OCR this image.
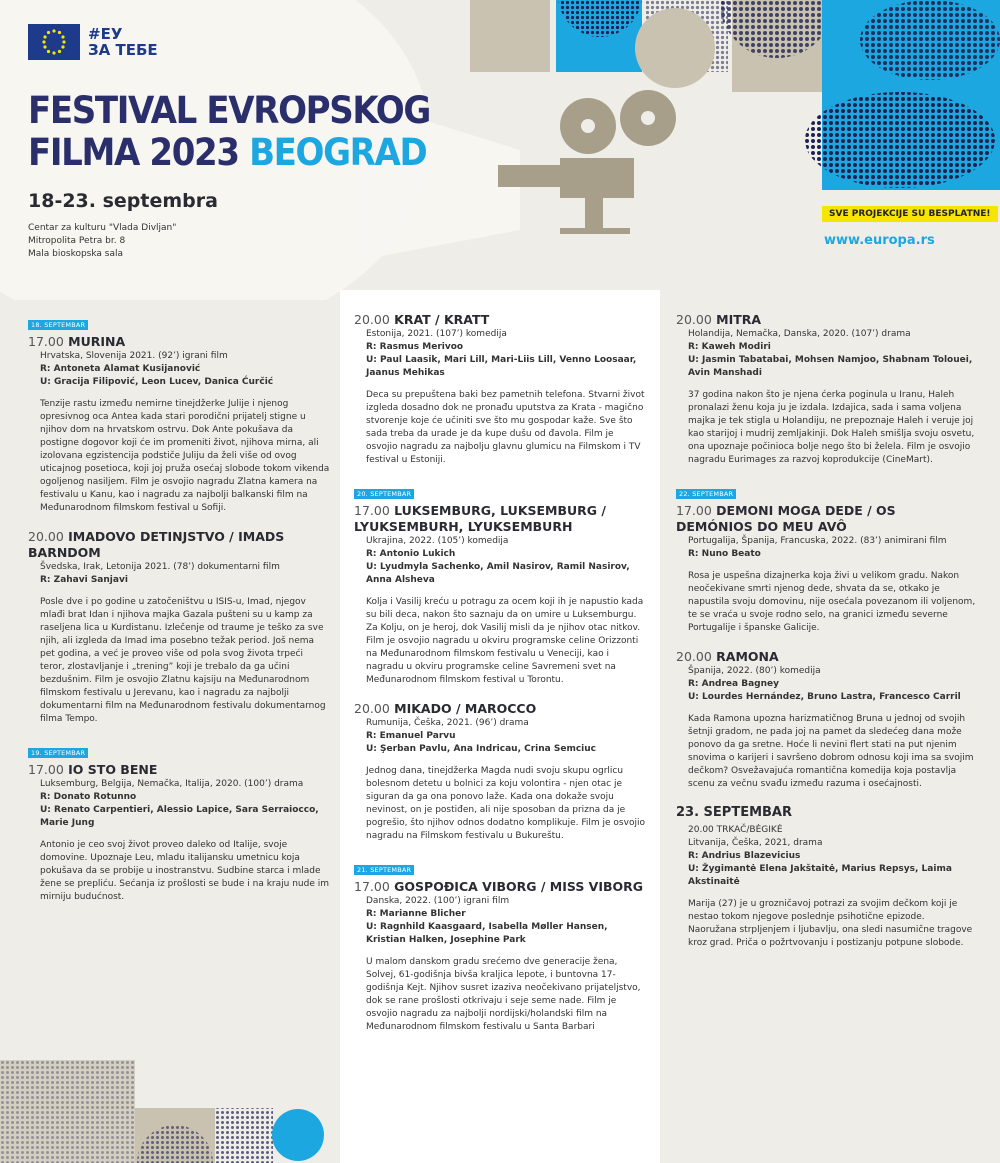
#ЕУ
ЗА ТЕБЕ
FESTIVAL EVROPSKOG
FILMA 2023 BEOGRAD
18-23. septembra
Centar za kulturu "Vlada Divljan"
Mitropolita Petra br. 8
Mala bioskopska sala
SVE PROJEKCIJE SU BESPLATNE!
www.europa.rs
18. SEPTEMBAR
17.00 MURINA
Hrvatska, Slovenija 2021. (92’) igrani film
R: Antoneta Alamat Kusijanović
U: Gracija Filipović, Leon Lucev, Danica Ćurčić
Tenzije rastu između nemirne tinejdžerke Julije i njenog opresivnog oca Antea kada stari porodični prijatelj stigne u njihov dom na hrvatskom ostrvu. Dok Ante pokušava da postigne dogovor koji će im promeniti život, njihova mirna, ali izolovana egzistencija podstiče Juliju da želi više od ovog uticajnog posetioca, koji joj pruža osećaj slobode tokom vikenda ogoljenog nasiljem. Film je osvojio nagradu Zlatna kamera na festivalu u Kanu, kao i nagradu za najbolji balkanski film na Međunarodnom filmskom festival u Sofiji.
20.00 IMADOVO DETINJSTVO / IMADS BARNDOM
Švedska, Irak, Letonija 2021. (78’) dokumentarni film
R: Zahavi Sanjavi
Posle dve i po godine u zatočeništvu u ISIS-u, Imad, njegov mlađi brat Idan i njihova majka Gazala pušteni su u kamp za raseljena lica u Kurdistanu. Izlečenje od traume je teško za sve njih, ali izgleda da Imad ima posebno težak period. Još nema pet godina, a već je proveo više od pola svog života trpeći teror, zlostavljanje i „trening” koji je trebalo da ga učini bezdušnim. Film je osvojio Zlatnu kajsiju na Međunarodnom filmskom festivalu u Jerevanu, kao i nagradu za najbolji dokumentarni film na Međunarodnom festivalu dokumentarnog filma Tempo.
19. SEPTEMBAR
17.00 IO STO BENE
Luksemburg, Belgija, Nemačka, Italija, 2020. (100’) drama
R: Donato Rotunno
U: Renato Carpentieri, Alessio Lapice, Sara Serraiocco, Marie Jung
Antonio je ceo svoj život proveo daleko od Italije, svoje domovine. Upoznaje Leu, mladu italijansku umetnicu koja pokušava da se probije u inostranstvu. Sudbine starca i mlade žene se prepliću. Sećanja iz prošlosti se bude i na kraju nude im mirniju budućnost.
20.00 KRAT / KRATT
Estonija, 2021. (107’) komedija
R: Rasmus Merivoo
U: Paul Laasik, Mari Lill, Mari-Liis Lill, Venno Loosaar, Jaanus Mehikas
Deca su prepuštena baki bez pametnih telefona. Stvarni život izgleda dosadno dok ne pronađu uputstva za Krata - magično stvorenje koje će učiniti sve što mu gospodar kaže. Sve što sada treba da urade je da kupe dušu od đavola. Film je osvojio nagradu za najbolju glavnu glumicu na Filmskom i TV festival u Estoniji.
20. SEPTEMBAR
17.00 LUKSEMBURG, LUKSEMBURG / LYUKSEMBURH, LYUKSEMBURH
Ukrajina, 2022. (105’) komedija
R: Antonio Lukich
U: Lyudmyla Sachenko, Amil Nasirov, Ramil Nasirov, Anna Alsheva
Kolja i Vasilij kreću u potragu za ocem koji ih je napustio kada su bili deca, nakon što saznaju da on umire u Luksemburgu. Za Kolju, on je heroj, dok Vasilij misli da je njihov otac nitkov. Film je osvojio nagradu u okviru programske celine Orizzonti na Međunarodnom filmskom festivalu u Veneciji, kao i nagradu u okviru programske celine Savremeni svet na Međunarodnom filmskom festival u Torontu.
20.00 MIKADO / MAROCCO
Rumunija, Češka, 2021. (96’) drama
R: Emanuel Parvu
U: Şerban Pavlu, Ana Indricau, Crina Semciuc
Jednog dana, tinejdžerka Magda nudi svoju skupu ogrlicu bolesnom detetu u bolnici za koju volontira - njen otac je siguran da ga ona ponovo laže. Kada ona dokaže svoju nevinost, on je postiđen, ali nije sposoban da prizna da je pogrešio, što njihov odnos dodatno komplikuje. Film je osvojio nagradu na Filmskom festivalu u Bukureštu.
21. SEPTEMBAR
17.00 GOSPOĐICA VIBORG / MISS VIBORG
Danska, 2022. (100’) igrani film
R: Marianne Blicher
U: Ragnhild Kaasgaard, Isabella Møller Hansen, Kristian Halken, Josephine Park
U malom danskom gradu srećemo dve generacije žena, Solvej, 61-godišnja bivša kraljica lepote, i buntovna 17-godišnja Kejt. Njihov susret izaziva neočekivano prijateljstvo, dok se rane prošlosti otkrivaju i seje seme nade. Film je osvojio nagradu za najbolji nordijski/holandski film na Međunarodnom filmskom festivalu u Santa Barbari
20.00 MITRA
Holandija, Nemačka, Danska, 2020. (107’) drama
R: Kaweh Modiri
U: Jasmin Tabatabai, Mohsen Namjoo, Shabnam Tolouei, Avin Manshadi
37 godina nakon što je njena ćerka poginula u Iranu, Haleh pronalazi ženu koja ju je izdala. Izdajica, sada i sama voljena majka je tek stigla u Holandiju, ne prepoznaje Haleh i veruje joj kao starijoj i mudrij zemljakinji. Dok Haleh smišlja svoju osvetu, ona upoznaje počinioca bolje nego što bi želela. Film je osvojio nagradu Eurimages za razvoj koprodukcije (CineMart).
22. SEPTEMBAR
17.00 DEMONI MOGA DEDE / OS DEMÓNIOS DO MEU AVÔ
Portugalija, Španija, Francuska, 2022. (83’) animirani film
R: Nuno Beato
Rosa je uspešna dizajnerka koja živi u velikom gradu. Nakon neočekivane smrti njenog dede, shvata da se, otkako je napustila svoju domovinu, nije osećala povezanom ili voljenom, te se vraća u svoje rodno selo, na granici između severne Portugalije i španske Galicije.
20.00 RAMONA
Španija, 2022. (80’) komedija
R: Andrea Bagney
U: Lourdes Hernández, Bruno Lastra, Francesco Carril
Kada Ramona upozna harizmatičnog Bruna u jednoj od svojih šetnji gradom, ne pada joj na pamet da sledećeg dana može ponovo da ga sretne. Hoće li nevini flert stati na put njenim snovima o karijeri i savršeno dobrom odnosu koji ima sa svojim dečkom? Osvežavajuća romantična komedija koja postavlja scenu za večnu svađu između razuma i osećajnosti.
23. SEPTEMBAR
20.00 TRKAČ/BĖGIKĖ
Litvanija, Češka, 2021, drama
R: Andrius Blazevicius
U: Žygimantė Elena Jakštaitė, Marius Repsys, Laima Akstinaitė
Marija (27) je u grozničavoj potrazi za svojim dečkom koji je nestao tokom njegove poslednje psihotične epizode. Naoružana strpljenjem i ljubavlju, ona sledi nasumične tragove kroz grad. Priča o požrtvovanju i postizanju potpune slobode.
